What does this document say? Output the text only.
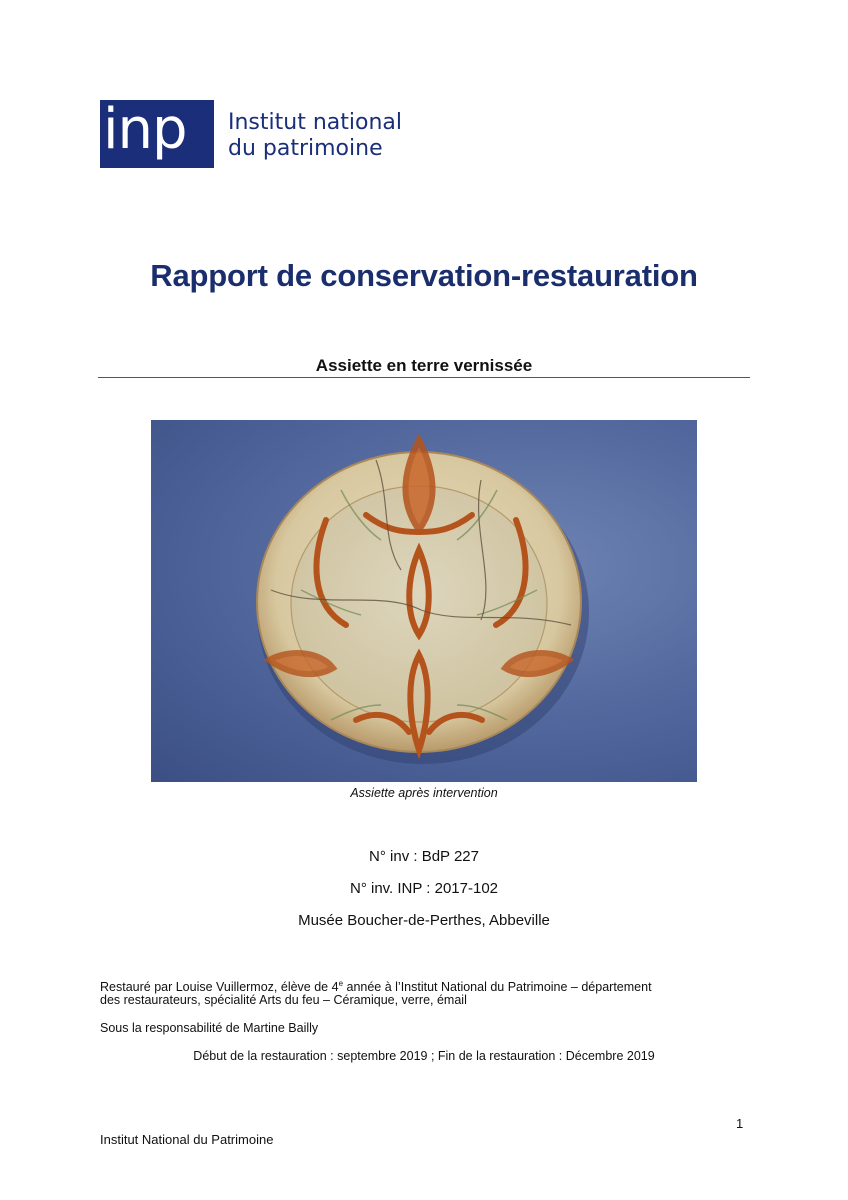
inp	Institut national
du patrimoine
Rapport de conservation-restauration
Assiette en terre vernissée
Assiette après intervention
N° inv : BdP 227
N° inv. INP : 2017-102
Musée Boucher-de-Perthes, Abbeville
Restauré par Louise Vuillermoz, élève de 4e année à l’Institut National du Patrimoine – département
des restaurateurs, spécialité Arts du feu – Céramique, verre, émail
Sous la responsabilité de Martine Bailly
Début de la restauration : septembre 2019 ; Fin de la restauration : Décembre 2019
1
Institut National du Patrimoine
